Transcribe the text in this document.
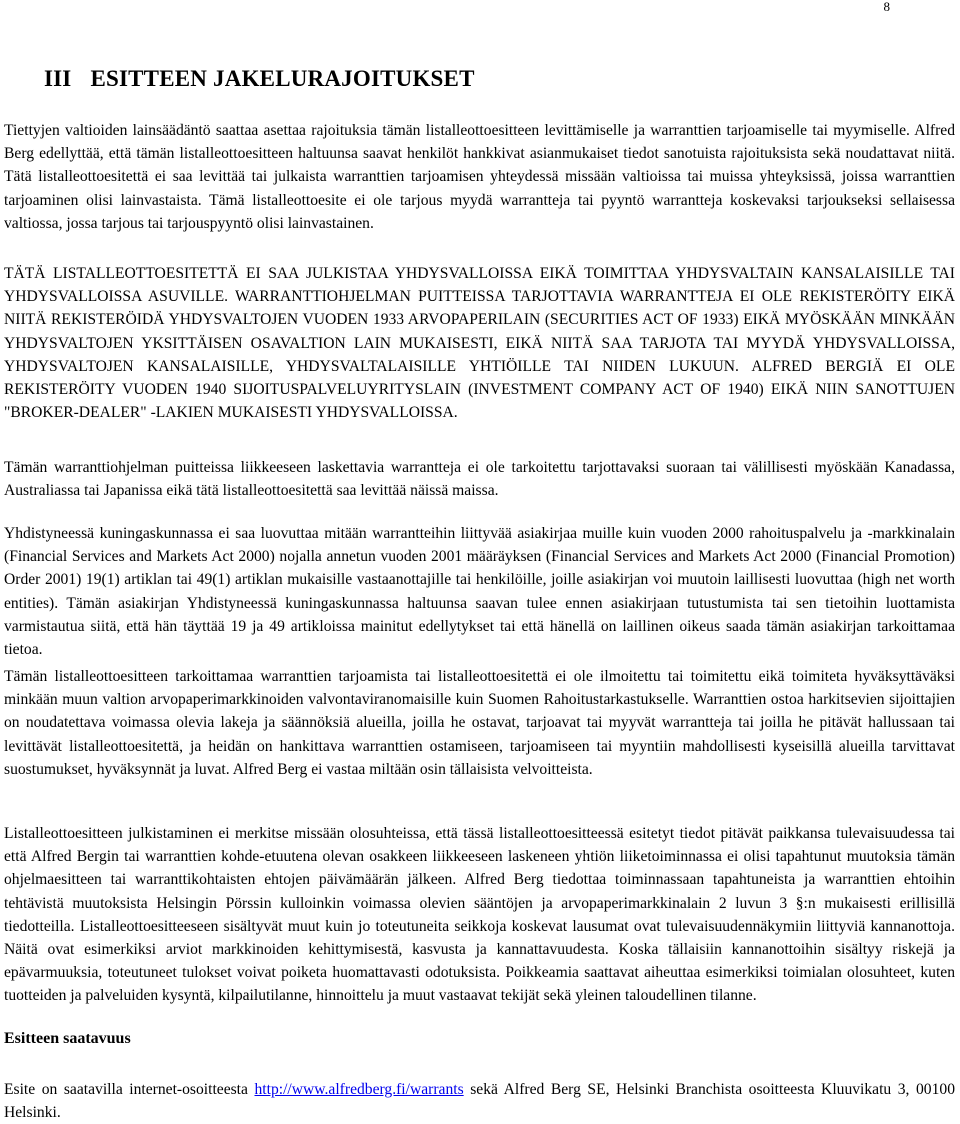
8
III ESITTEEN JAKELURAJOITUKSET

Tiettyjen valtioiden lainsäädäntö saattaa asettaa rajoituksia tämän listalleottoesitteen levittämiselle ja warranttien tarjoamiselle tai myymiselle. Alfred Berg edellyttää, että tämän listalleottoesitteen haltuunsa saavat henkilöt hankkivat asianmukaiset tiedot sanotuista rajoituksista sekä noudattavat niitä. Tätä listalleottoesitettä ei saa levittää tai julkaista warranttien tarjoamisen yhteydessä missään valtioissa tai muissa yhteyksissä, joissa warranttien tarjoaminen olisi lainvastaista. Tämä listalleottoesite ei ole tarjous myydä warrantteja tai pyyntö warrantteja koskevaksi tarjoukseksi sellaisessa valtiossa, jossa tarjous tai tarjouspyyntö olisi lainvastainen.

TÄTÄ LISTALLEOTTOESITETTÄ EI SAA JULKISTAA YHDYSVALLOISSA EIKÄ TOIMITTAA YHDYSVALTAIN KANSALAISILLE TAI YHDYSVALLOISSA ASUVILLE. WARRANTTIOHJELMAN PUITTEISSA TARJOTTAVIA WARRANTTEJA EI OLE REKISTERÖITY EIKÄ NIITÄ REKISTERÖIDÄ YHDYSVALTOJEN VUODEN 1933 ARVOPAPERILAIN (SECURITIES ACT OF 1933) EIKÄ MYÖSKÄÄN MINKÄÄN YHDYSVALTOJEN YKSITTÄISEN OSAVALTION LAIN MUKAISESTI, EIKÄ NIITÄ SAA TARJOTA TAI MYYDÄ YHDYSVALLOISSA, YHDYSVALTOJEN KANSALAISILLE, YHDYSVALTALAISILLE YHTIÖILLE TAI NIIDEN LUKUUN. ALFRED BERGIÄ EI OLE REKISTERÖITY VUODEN 1940 SIJOITUSPALVELUYRITYSLAIN (INVESTMENT COMPANY ACT OF 1940) EIKÄ NIIN SANOTTUJEN "BROKER-DEALER" -LAKIEN MUKAISESTI YHDYSVALLOISSA.

Tämän warranttiohjelman puitteissa liikkeeseen laskettavia warrantteja ei ole tarkoitettu tarjottavaksi suoraan tai välillisesti myöskään Kanadassa, Australiassa tai Japanissa eikä tätä listalleottoesitettä saa levittää näissä maissa.

Yhdistyneessä kuningaskunnassa ei saa luovuttaa mitään warrantteihin liittyvää asiakirjaa muille kuin vuoden 2000 rahoituspalvelu ja -markkinalain (Financial Services and Markets Act 2000) nojalla annetun vuoden 2001 määräyksen (Financial Services and Markets Act 2000 (Financial Promotion) Order 2001) 19(1) artiklan tai 49(1) artiklan mukaisille vastaanottajille tai henkilöille, joille asiakirjan voi muutoin laillisesti luovuttaa (high net worth entities). Tämän asiakirjan Yhdistyneessä kuningaskunnassa haltuunsa saavan tulee ennen asiakirjaan tutustumista tai sen tietoihin luottamista varmistautua siitä, että hän täyttää 19 ja 49 artikloissa mainitut edellytykset tai että hänellä on laillinen oikeus saada tämän asiakirjan tarkoittamaa tietoa.

Tämän listalleottoesitteen tarkoittamaa warranttien tarjoamista tai listalleottoesitettä ei ole ilmoitettu tai toimitettu eikä toimiteta hyväksyttäväksi minkään muun valtion arvopaperimarkkinoiden valvontaviranomaisille kuin Suomen Rahoitustarkastukselle. Warranttien ostoa harkitsevien sijoittajien on noudatettava voimassa olevia lakeja ja säännöksiä alueilla, joilla he ostavat, tarjoavat tai myyvät warrantteja tai joilla he pitävät hallussaan tai levittävät listalleottoesitettä, ja heidän on hankittava warranttien ostamiseen, tarjoamiseen tai myyntiin mahdollisesti kyseisillä alueilla tarvittavat suostumukset, hyväksynnät ja luvat. Alfred Berg ei vastaa miltään osin tällaisista velvoitteista.

Listalleottoesitteen julkistaminen ei merkitse missään olosuhteissa, että tässä listalleottoesitteessä esitetyt tiedot pitävät paikkansa tulevaisuudessa tai että Alfred Bergin tai warranttien kohde-etuutena olevan osakkeen liikkeeseen laskeneen yhtiön liiketoiminnassa ei olisi tapahtunut muutoksia tämän ohjelmaesitteen tai warranttikohtaisten ehtojen päivämäärän jälkeen. Alfred Berg tiedottaa toiminnassaan tapahtuneista ja warranttien ehtoihin tehtävistä muutoksista Helsingin Pörssin kulloinkin voimassa olevien sääntöjen ja arvopaperimarkkinalain 2 luvun 3 §:n mukaisesti erillisillä tiedotteilla. Listalleottoesitteeseen sisältyvät muut kuin jo toteutuneita seikkoja koskevat lausumat ovat tulevaisuudennäkymiin liittyviä kannanottoja. Näitä ovat esimerkiksi arviot markkinoiden kehittymisestä, kasvusta ja kannattavuudesta. Koska tällaisiin kannanottoihin sisältyy riskejä ja epävarmuuksia, toteutuneet tulokset voivat poiketa huomattavasti odotuksista. Poikkeamia saattavat aiheuttaa esimerkiksi toimialan olosuhteet, kuten tuotteiden ja palveluiden kysyntä, kilpailutilanne, hinnoittelu ja muut vastaavat tekijät sekä yleinen taloudellinen tilanne.

Esitteen saatavuus

Esite on saatavilla internet-osoitteesta http://www.alfredberg.fi/warrants sekä Alfred Berg SE, Helsinki Branchista osoitteesta Kluuvikatu 3, 00100 Helsinki.
